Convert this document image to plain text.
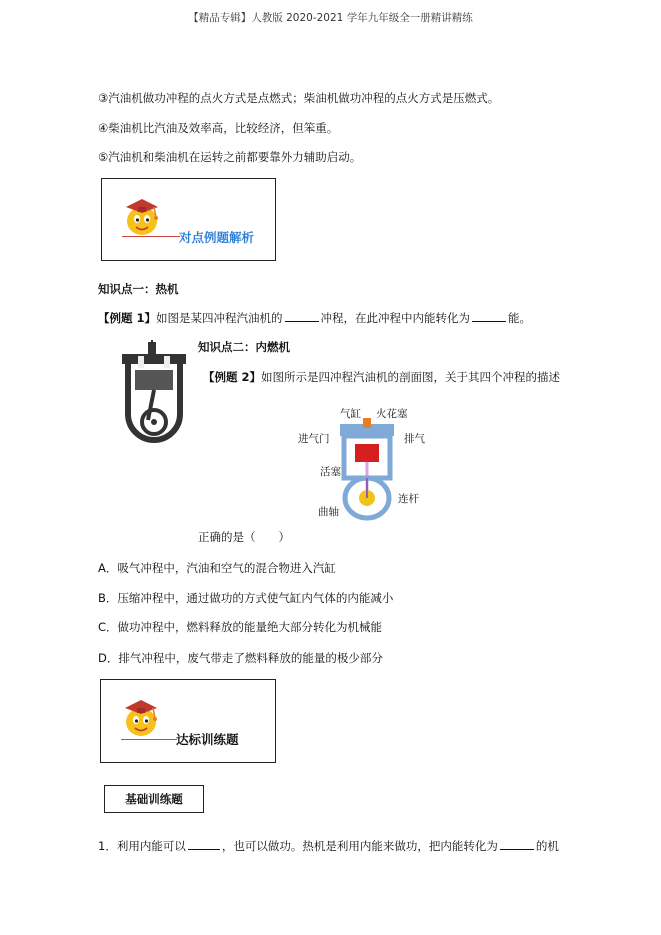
【精品专辑】人教版 2020-2021 学年九年级全一册精讲精练
③汽油机做功冲程的点火方式是点燃式；柴油机做功冲程的点火方式是压燃式。
④柴油机比汽油及效率高，比较经济，但笨重。
⑤汽油机和柴油机在运转之前都要靠外力辅助启动。
对点例题解析
知识点一：热机
【例题 1】如图是某四冲程汽油机的	冲程，在此冲程中内能转化为	能。
知识点二：内燃机
【例题 2】如图所示是四冲程汽油机的剖面图，关于其四个冲程的描述
气缸 火花塞
进气门	排气
活塞
连杆
曲轴
正确的是（　　）
A．吸气冲程中，汽油和空气的混合物进入汽缸
B．压缩冲程中，通过做功的方式使气缸内气体的内能减小
C．做功冲程中，燃料释放的能量绝大部分转化为机械能
D．排气冲程中，废气带走了燃料释放的能量的极少部分
达标训练题
基础训练题
1．利用内能可以	，也可以做功。热机是利用内能来做功，把内能转化为	的机
